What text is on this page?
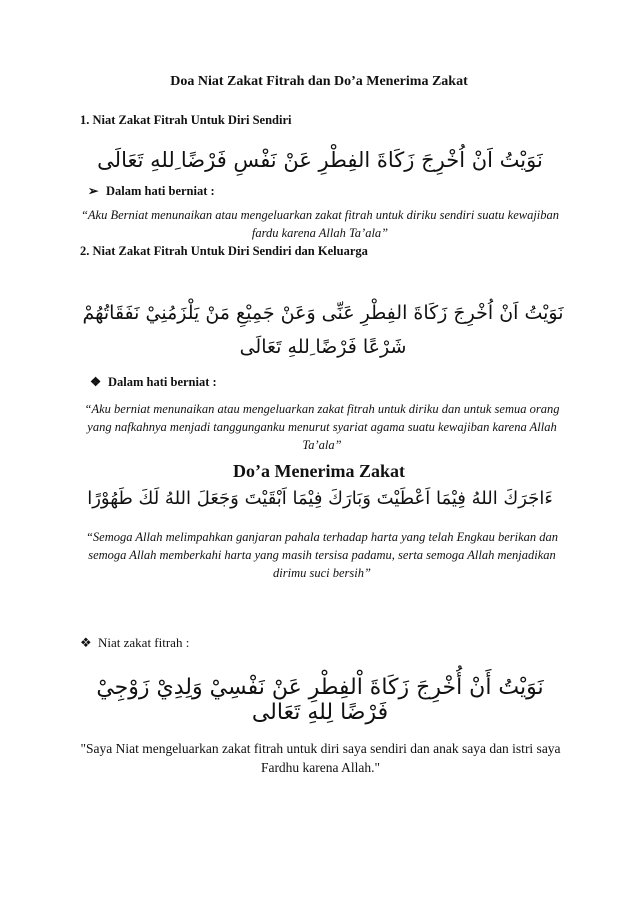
Doa Niat Zakat Fitrah dan Do’a Menerima Zakat
1. Niat Zakat Fitrah Untuk Diri Sendiri
نَوَيْتُ اَنْ اُخْرِجَ زَكَاةَ الفِطْرِ عَنْ نَفْسِ فَرْضًا ِللهِ تَعَالَى
➢ Dalam hati berniat :
“Aku Berniat menunaikan atau mengeluarkan zakat fitrah untuk diriku sendiri suatu kewajiban fardu karena Allah Ta’ala”
2. Niat Zakat Fitrah Untuk Diri Sendiri dan Keluarga
نَوَيْتُ اَنْ اُخْرِجَ زَكَاةَ الفِطْرِ عَنِّى وَعَنْ جَمِيْعِ مَنْ يَلْزَمُنِيْ نَفَقَاتُهُمْ شَرْعًا فَرْضًا ِللهِ تَعَالَى
❖ Dalam hati berniat :
“Aku berniat menunaikan atau mengeluarkan zakat fitrah untuk diriku dan untuk semua orang yang nafkahnya menjadi tanggunganku menurut syariat agama suatu kewajiban karena Allah Ta’ala”
Do’a Menerima Zakat
ءَاجَرَكَ اللهُ فِيْمَا اَعْطَيْتَ وَبَارَكَ فِيْمَا اَبْقَيْتَ وَجَعَلَ اللهُ لَكَ طَهُوْرًا
“Semoga Allah melimpahkan ganjaran pahala terhadap harta yang telah Engkau berikan dan semoga Allah memberkahi harta yang masih tersisa padamu, serta semoga Allah menjadikan dirimu suci bersih”
❖ Niat zakat fitrah :
نَوَيْتُ أَنْ أُخْرِجَ زَكَاةَ اْلفِطْرِ عَنْ نَفْسِيْ وَلِدِيْ زَوْجِيْ فَرْضًا لِلهِ تَعَالى
"Saya Niat mengeluarkan zakat fitrah untuk diri saya sendiri dan anak saya dan istri saya Fardhu karena Allah."
